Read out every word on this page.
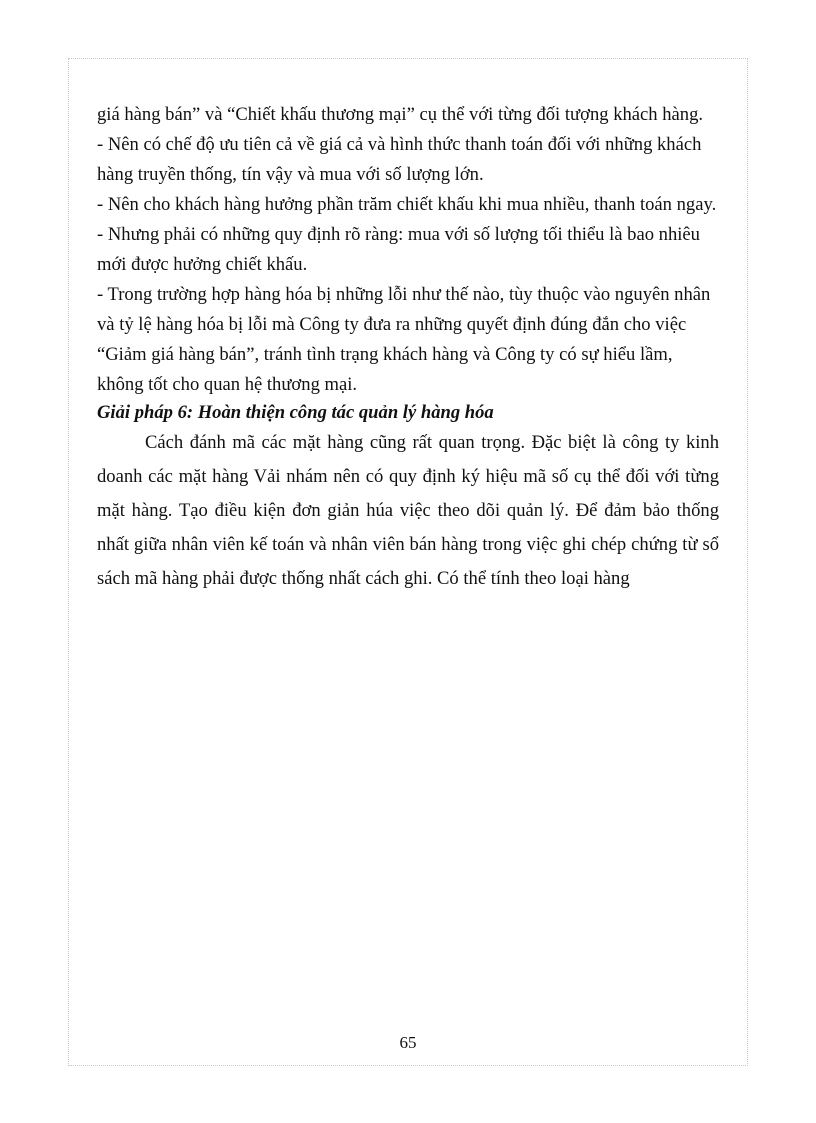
giá hàng bán” và “Chiết khấu thương mại” cụ thể với từng đối tượng khách hàng.
- Nên có chế độ ưu tiên cả về giá cả và hình thức thanh toán đối với những khách
hàng truyền thống, tín vậy và mua với số lượng lớn.
- Nên cho khách hàng hưởng phần trăm chiết khấu khi mua nhiều, thanh toán ngay.
- Nhưng phải có những quy định rõ ràng: mua với số lượng tối thiểu là bao nhiêu
mới được hưởng chiết khấu.
- Trong trường hợp hàng hóa bị những lỗi như thế nào, tùy thuộc vào nguyên nhân
và tỷ lệ hàng hóa bị lỗi mà Công ty đưa ra những quyết định đúng đắn cho việc
“Giảm giá hàng bán”, tránh tình trạng khách hàng và Công ty có sự hiểu lầm,
không tốt cho quan hệ thương mại.
Giải pháp 6: Hoàn thiện công tác quản lý hàng hóa
Cách đánh mã các mặt hàng cũng rất quan trọng. Đặc biệt là công ty kinh
doanh các mặt hàng Vải nhám nên có quy định ký hiệu mã số cụ thể đối với từng
mặt hàng. Tạo điều kiện đơn giản húa việc theo dõi quản lý. Để đảm bảo thống
nhất giữa nhân viên kế toán và nhân viên bán hàng trong việc ghi chép chứng từ sổ
sách mã hàng phải được thống nhất cách ghi. Có thể tính theo loại hàng
65
